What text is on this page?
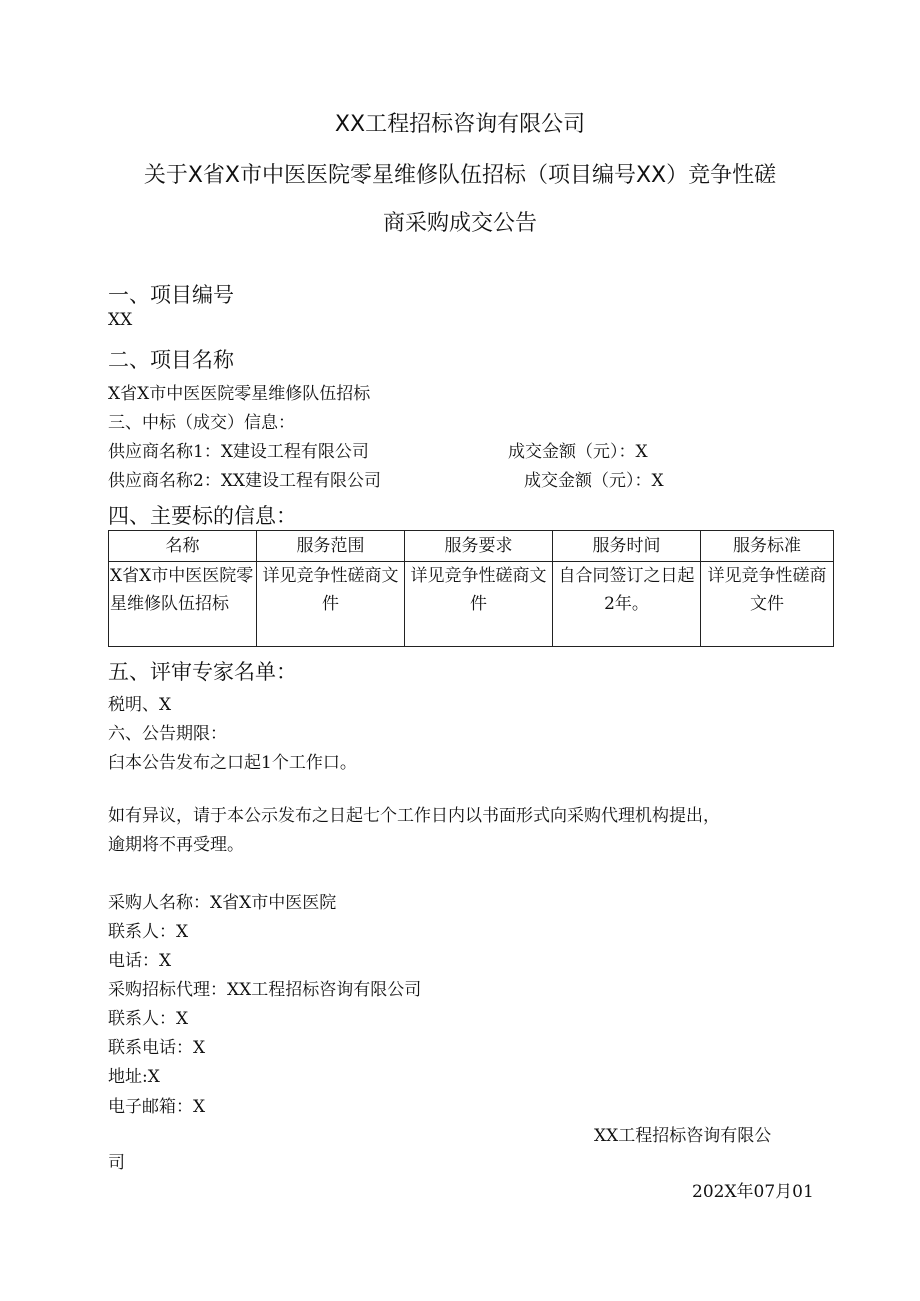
XX工程招标咨询有限公司
关于X省X市中医医院零星维修队伍招标（项目编号XX）竞争性磋
商采购成交公告
一、项目编号
XX
二、项目名称
X省X市中医医院零星维修队伍招标
三、中标（成交）信息：
供应商名称1：X建设工程有限公司	成交金额（元）：X
供应商名称2：XX建设工程有限公司	成交金额（元）：X
四、主要标的信息：
名称	服务范围	服务要求	服务时间	服务标准
X省X市中医医院零星维修队伍招标	详见竞争性磋商文件	详见竞争性磋商文件	自合同签订之日起2年。	详见竞争性磋商文件
五、评审专家名单：
税明、X
六、公告期限：
臼本公告发布之口起1个工作口。
如有异议，请于本公示发布之日起七个工作日内以书面形式向采购代理机构提出，
逾期将不再受理。
采购人名称：X省X市中医医院
联系人：X
电话：X
采购招标代理：XX工程招标咨询有限公司
联系人：X
联系电话：X
地址:X
电子邮箱：X
XX工程招标咨询有限公
司
202X年07月01
